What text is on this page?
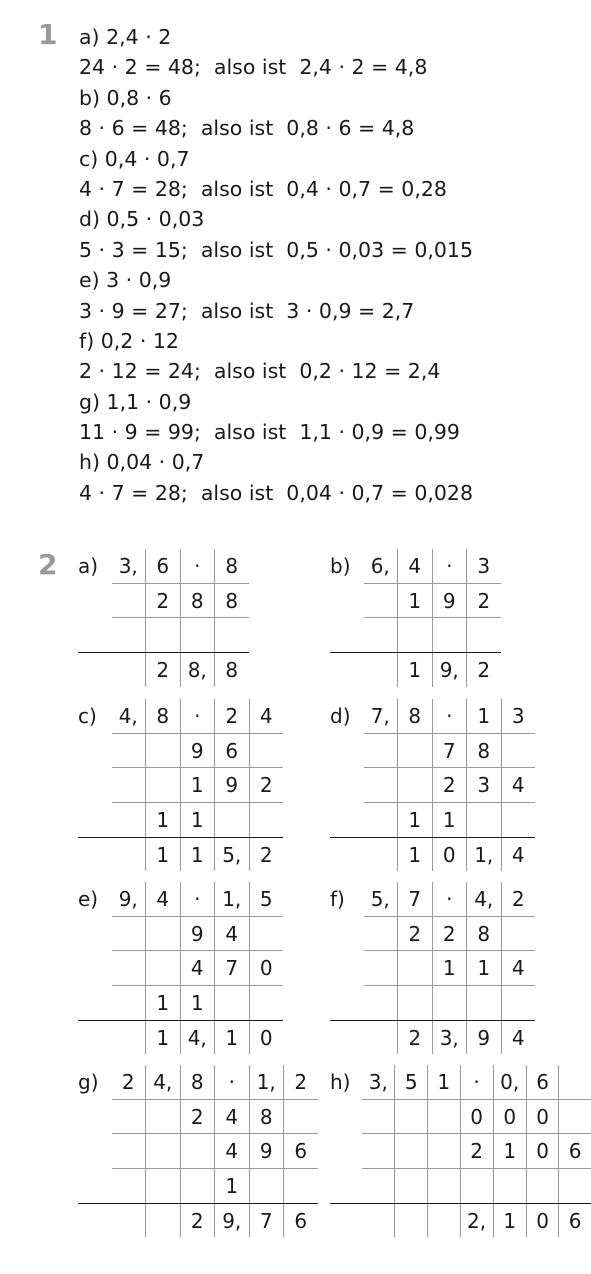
1 a) 2,4 · 2
24 · 2 = 48;  also ist  2,4 · 2 = 4,8
b) 0,8 · 6
8 · 6 = 48;  also ist  0,8 · 6 = 4,8
c) 0,4 · 0,7
4 · 7 = 28;  also ist  0,4 · 0,7 = 0,28
d) 0,5 · 0,03
5 · 3 = 15;  also ist  0,5 · 0,03 = 0,015
e) 3 · 0,9
3 · 9 = 27;  also ist  3 · 0,9 = 2,7
f) 0,2 · 12
2 · 12 = 24;  also ist  0,2 · 12 = 2,4
g) 1,1 · 0,9
11 · 9 = 99;  also ist  1,1 · 0,9 = 0,99
h) 0,04 · 0,7
4 · 7 = 28;  also ist  0,04 · 0,7 = 0,028
2 a)	3,	6	·	8
		2	8	8

		2	8,	8
b)	6,	4	·	3
		1	9	2

		1	9,	2
c)	4,	8	·	2	4
			9	6	
			1	9	2
		1	1		
		1	1	5,	2
d)	7,	8	·	1	3
			7	8	
			2	3	4
		1	1		
		1	0	1,	4
e)	9,	4	·	1,	5
			9	4	
			4	7	0
		1	1		
		1	4,	1	0
f)	5,	7	·	4,	2
		2	2	8	
			1	1	4

		2	3,	9	4
g)	2	4,	8	·	1,	2
			2	4	8	
				4	9	6
				1		
			2	9,	7	6
h)	3,	5	1	·	0,	6	
				0	0	0	
				2	1	0	6

				2,	1	0	6
